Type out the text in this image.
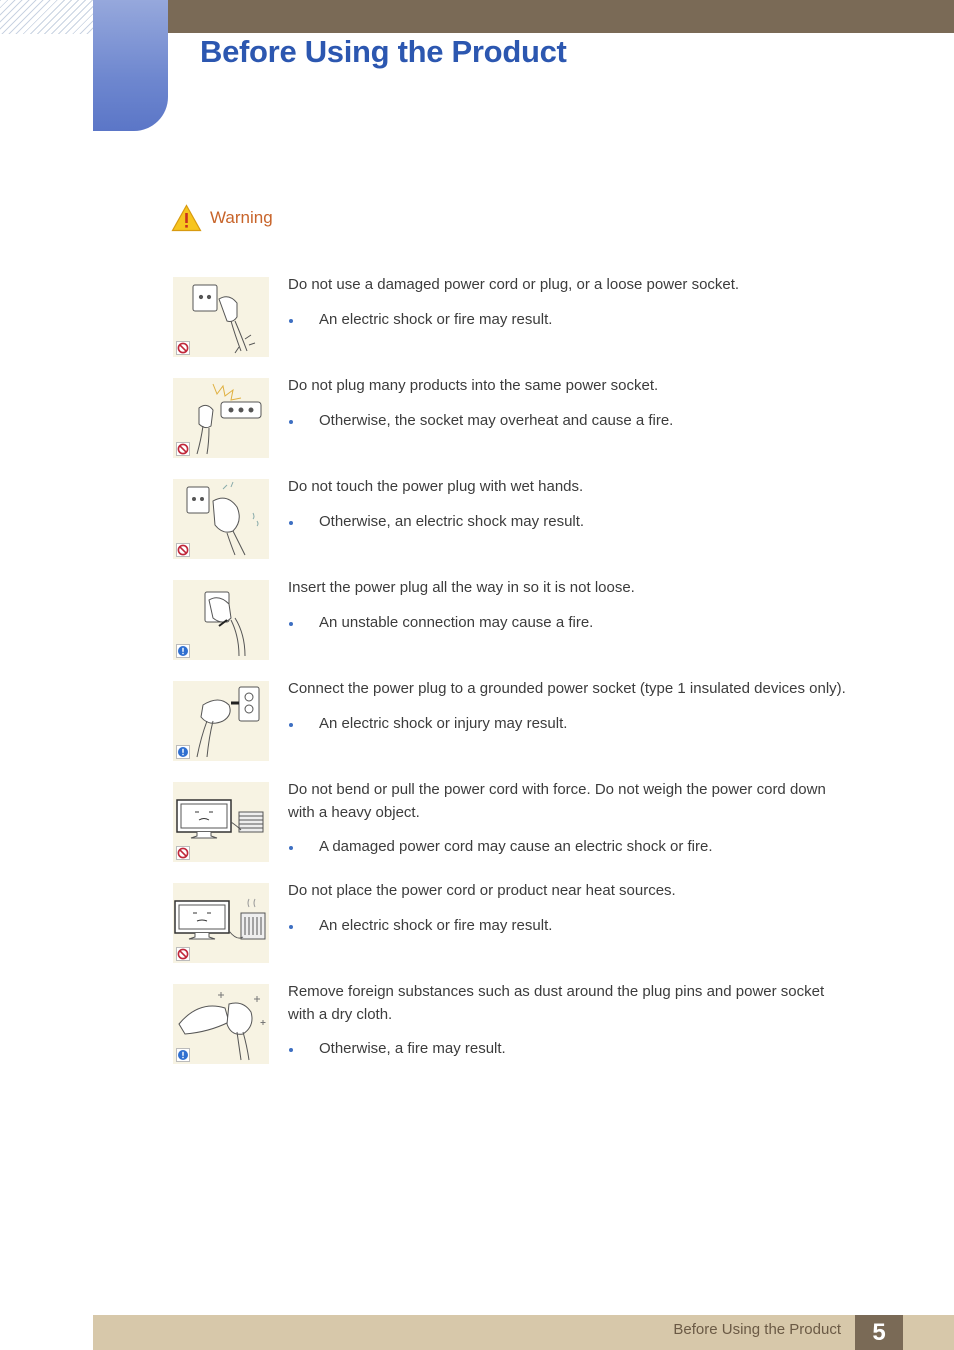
Before Using the Product
Warning

Do not use a damaged power cord or plug, or a loose power socket.

An electric shock or fire may result.

Do not plug many products into the same power socket.

Otherwise, the socket may overheat and cause a fire.

Do not touch the power plug with wet hands.

Otherwise, an electric shock may result.

Insert the power plug all the way in so it is not loose.

An unstable connection may cause a fire.

Connect the power plug to a grounded power socket (type 1 insulated devices only).

An electric shock or injury may result.

Do not bend or pull the power cord with force. Do not weigh the power cord down with a heavy object.

A damaged power cord may cause an electric shock or fire.

Do not place the power cord or product near heat sources.

An electric shock or fire may result.

Remove foreign substances such as dust around the plug pins and power socket with a dry cloth.

Otherwise, a fire may result.

Before Using the Product	5
